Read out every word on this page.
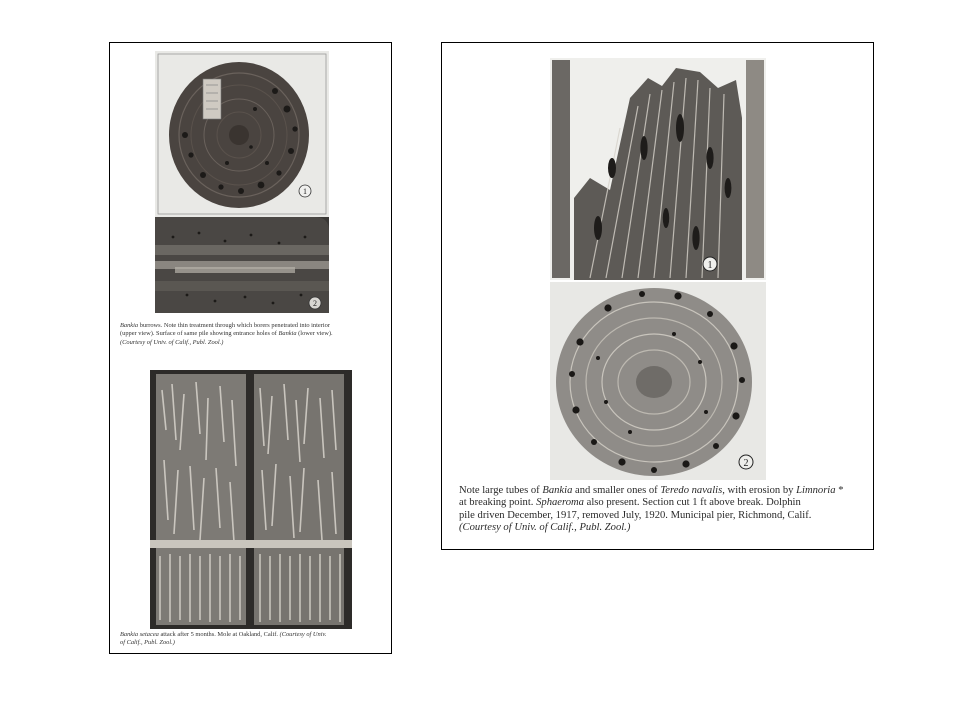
1
2
Bankia burrows. Note thin treatment through which borers penetrated into interior
(upper view). Surface of same pile showing entrance holes of Bankia (lower view).
(Courtesy of Univ. of Calif., Publ. Zool.)
Bankia setacea attack after 5 months. Mole at Oakland, Calif. (Courtesy of Univ.
of Calif., Publ. Zool.)
1
2
Note large tubes of Bankia and smaller ones of Teredo navalis, with erosion by Limnoria *
at breaking point. Sphaeroma also present. Section cut 1 ft above break. Dolphin
pile driven December, 1917, removed July, 1920. Municipal pier, Richmond, Calif.
(Courtesy of Univ. of Calif., Publ. Zool.)
